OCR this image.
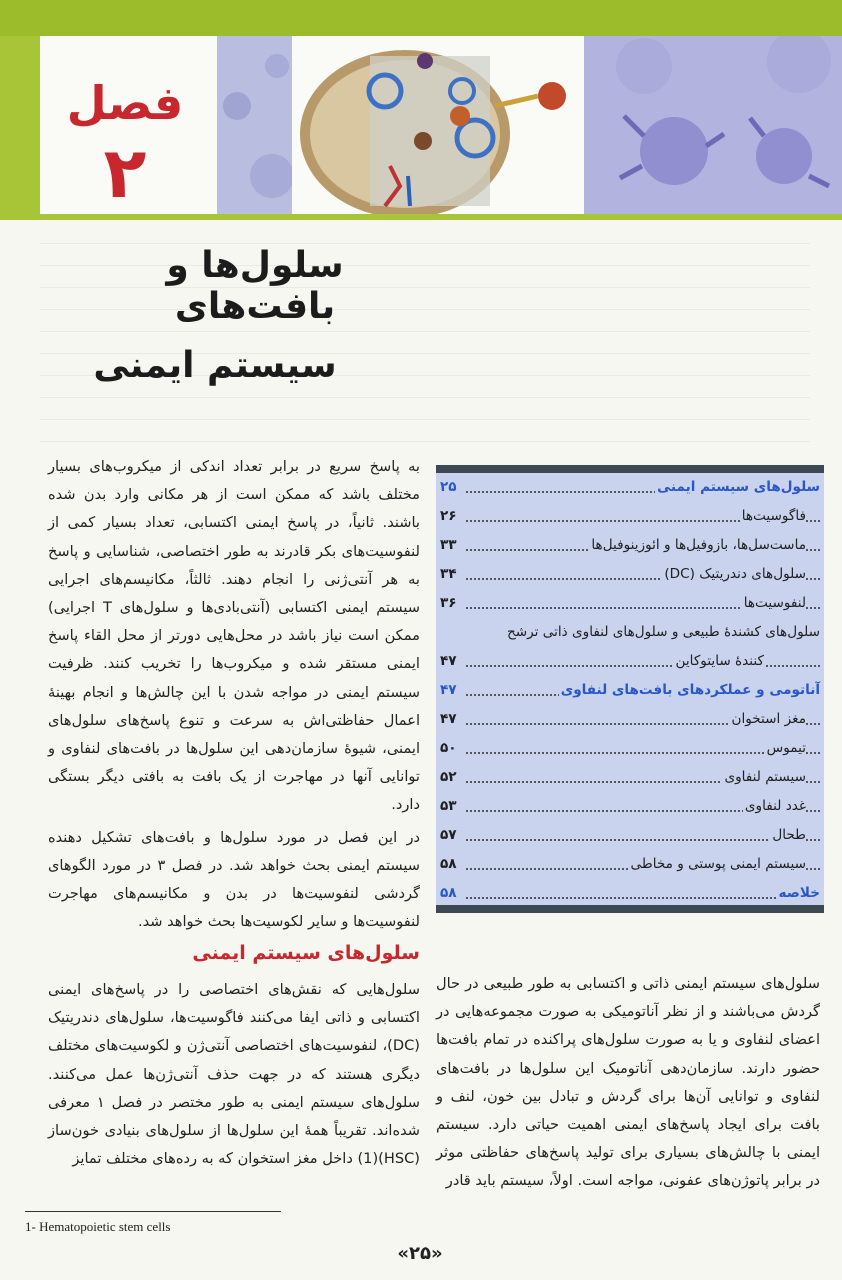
فصل
۲
سلول‌ها و بافت‌های
سیستم ایمنی

به پاسخ سریع در برابر تعداد اندکی از میکروب‌های بسیار مختلف باشد که ممکن است از هر مکانی وارد بدن شده باشند. ثانیاً، در پاسخ ایمنی اکتسابی، تعداد بسیار کمی از لنفوسیت‌های بکر قادرند به طور اختصاصی، شناسایی و پاسخ به هر آنتی‌ژنی را انجام دهند. ثالثاً، مکانیسم‌های اجرایی سیستم ایمنی اکتسابی (آنتی‌بادی‌ها و سلول‌های T اجرایی) ممکن است نیاز باشد در محل‌هایی دورتر از محل القاء پاسخ ایمنی مستقر شده و میکروب‌ها را تخریب کنند. ظرفیت سیستم ایمنی در مواجه شدن با این چالش‌ها و انجام بهینهٔ اعمال حفاظتی‌اش به سرعت و تنوع پاسخ‌های سلول‌های ایمنی، شیوهٔ سازمان‌دهی این سلول‌ها در بافت‌های لنفاوی و توانایی آنها در مهاجرت از یک بافت به بافتی دیگر بستگی دارد.

در این فصل در مورد سلول‌ها و بافت‌های تشکیل دهنده سیستم ایمنی بحث خواهد شد. در فصل ۳ در مورد الگوهای گردشی لنفوسیت‌ها در بدن و مکانیسم‌های مهاجرت لنفوسیت‌ها و سایر لکوسیت‌ها بحث خواهد شد.

سلول‌های سیستم ایمنی
۲۵
فاگوسیت‌ها
۲۶
ماست‌سل‌ها، بازوفیل‌ها و ائوزینوفیل‌ها
۳۳
سلول‌های دندریتیک (DC)
۳۴
لنفوسیت‌ها
۳۶
سلول‌های کشندهٔ طبیعی و سلول‌های لنفاوی ذاتی ترشح
کنندهٔ سایتوکاین
۴۷
آناتومی و عملکردهای بافت‌های لنفاوی
۴۷
مغز استخوان
۴۷
تیموس
۵۰
سیستم لنفاوی
۵۲
غدد لنفاوی
۵۳
طحال
۵۷
سیستم ایمنی پوستی و مخاطی
۵۸
خلاصه
۵۸
سلول‌های سیستم ایمنی

سلول‌هایی که نقش‌های اختصاصی را در پاسخ‌های ایمنی اکتسابی و ذاتی ایفا می‌کنند فاگوسیت‌ها، سلول‌های دندریتیک (DC)، لنفوسیت‌های اختصاصی آنتی‌ژن و لکوسیت‌های مختلف دیگری هستند که در جهت حذف آنتی‌ژن‌ها عمل می‌کنند. سلول‌های سیستم ایمنی به طور مختصر در فصل ۱ معرفی شده‌اند. تقریباً همهٔ این سلول‌ها از سلول‌های بنیادی خون‌ساز (HSC)(1) داخل مغز استخوان که به رده‌های مختلف تمایز

سلول‌های سیستم ایمنی ذاتی و اکتسابی به طور طبیعی در حال گردش می‌باشند و از نظر آناتومیکی به صورت مجموعه‌هایی در اعضای لنفاوی و یا به صورت سلول‌های پراکنده در تمام بافت‌ها حضور دارند. سازمان‌دهی آناتومیک این سلول‌ها در بافت‌های لنفاوی و توانایی آن‌ها برای گردش و تبادل بین خون، لنف و بافت برای ایجاد پاسخ‌های ایمنی اهمیت حیاتی دارد. سیستم ایمنی با چالش‌های بسیاری برای تولید پاسخ‌های حفاظتی موثر در برابر پاتوژن‌های عفونی، مواجه است. اولاً، سیستم باید قادر

1- Hematopoietic stem cells
«۲۵»
